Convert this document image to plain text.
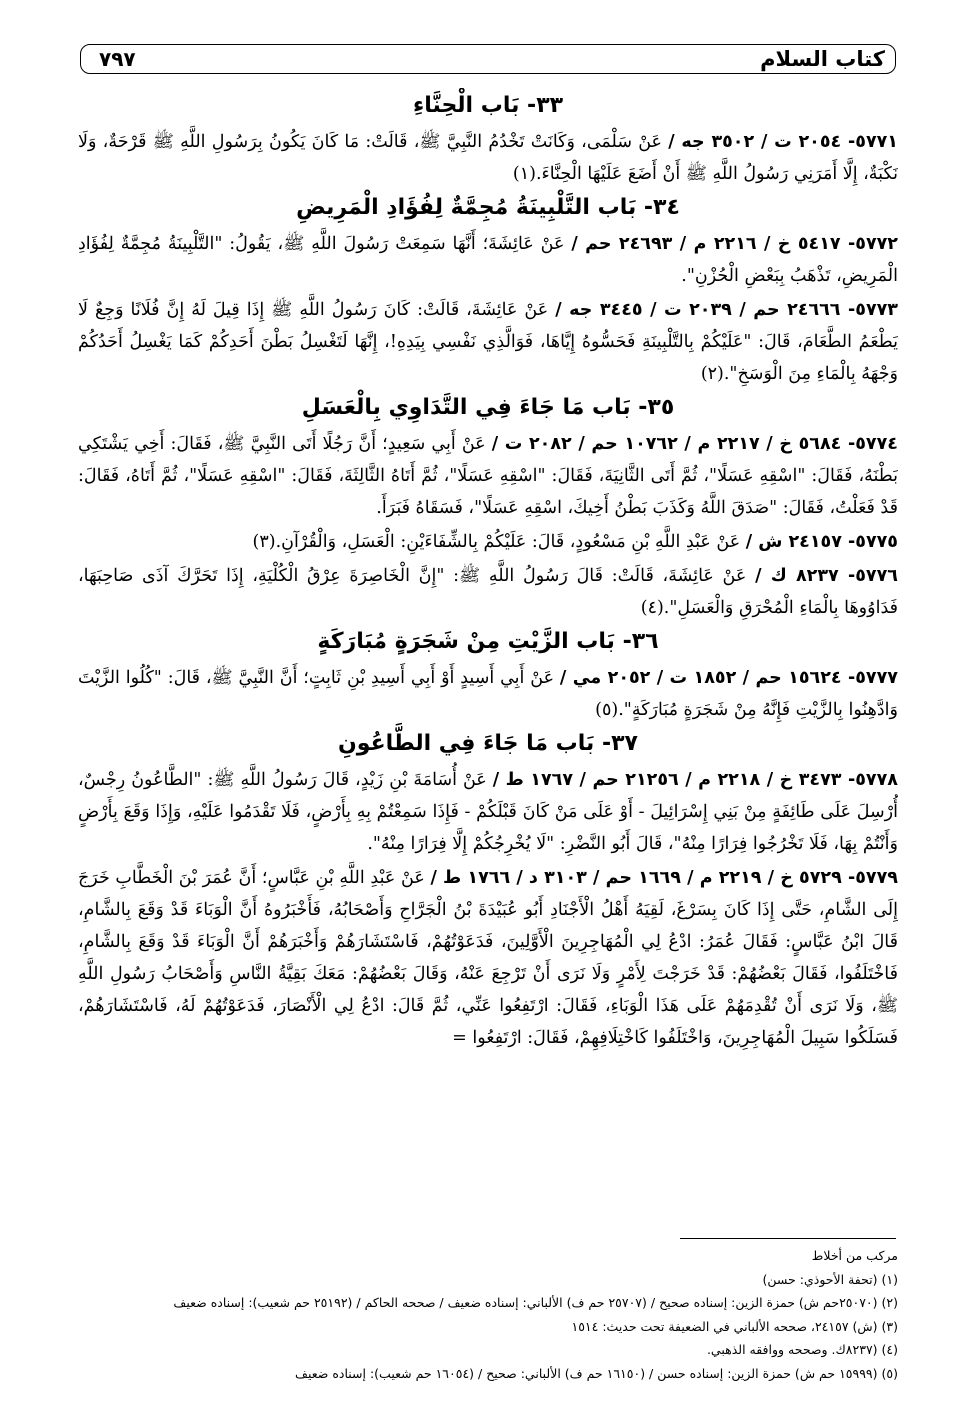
كتاب السلام
٧٩٧
٣٣- بَاب الْحِنَّاءِ

٥٧٧١- ٢٠٥٤ ت / ٣٥٠٢ جه / عَنْ سَلْمَى، وَكَانَتْ تَخْدُمُ النَّبِيَّ ﷺ، قَالَتْ: مَا كَانَ يَكُونُ بِرَسُولِ اللَّهِ ﷺ قَرْحَةٌ، وَلَا نَكْبَةٌ، إِلَّا أَمَرَنِي رَسُولُ اللَّهِ ﷺ أَنْ أَضَعَ عَلَيْهَا الْحِنَّاءَ.(١)

٣٤- بَاب التَّلْبِينَةُ مُجِمَّةٌ لِفُؤَادِ الْمَرِيضِ

٥٧٧٢- ٥٤١٧ خ / ٢٢١٦ م / ٢٤٦٩٣ حم / عَنْ عَائِشَةَ؛ أَنَّهَا سَمِعَتْ رَسُولَ اللَّهِ ﷺ، يَقُولُ: "التَّلْبِينَةُ مُجِمَّةٌ لِفُؤَادِ الْمَرِيضِ، تَذْهَبُ بِبَعْضِ الْحُزْنِ".

٥٧٧٣- ٢٤٦٦٦ حم / ٢٠٣٩ ت / ٣٤٤٥ جه / عَنْ عَائِشَةَ، قَالَتْ: كَانَ رَسُولُ اللَّهِ ﷺ إِذَا قِيلَ لَهُ إِنَّ فُلَانًا وَجِعٌ لَا يَطْعَمُ الطَّعَامَ، قَالَ: "عَلَيْكُمْ بِالتَّلْبِينَةِ فَحَسُّوهُ إِيَّاهَا، فَوَالَّذِي نَفْسِي بِيَدِهِ!، إِنَّهَا لَتَغْسِلُ بَطْنَ أَحَدِكُمْ كَمَا يَغْسِلُ أَحَدُكُمْ وَجْهَهُ بِالْمَاءِ مِنَ الْوَسَخِ".(٢)

٣٥- بَاب مَا جَاءَ فِي التَّدَاوِي بِالْعَسَلِ

٥٧٧٤- ٥٦٨٤ خ / ٢٢١٧ م / ١٠٧٦٢ حم / ٢٠٨٢ ت / عَنْ أَبِي سَعِيدٍ؛ أَنَّ رَجُلًا أَتَى النَّبِيَّ ﷺ، فَقَالَ: أَخِي يَشْتَكِي بَطْنَهُ، فَقَالَ: "اسْقِهِ عَسَلًا"، ثُمَّ أَتَى الثَّانِيَةَ، فَقَالَ: "اسْقِهِ عَسَلًا"، ثُمَّ أَتَاهُ الثَّالِثَةَ، فَقَالَ: "اسْقِهِ عَسَلًا"، ثُمَّ أَتَاهُ، فَقَالَ: قَدْ فَعَلْتُ، فَقَالَ: "صَدَقَ اللَّهُ وَكَذَبَ بَطْنُ أَخِيكَ، اسْقِهِ عَسَلًا"، فَسَقَاهُ فَبَرَأَ.

٥٧٧٥- ٢٤١٥٧ ش / عَنْ عَبْدِ اللَّهِ بْنِ مَسْعُودٍ، قَالَ: عَلَيْكُمْ بِالشِّفَاءَيْنِ: الْعَسَلِ، وَالْقُرْآنِ.(٣)

٥٧٧٦- ٨٢٣٧ ك / عَنْ عَائِشَةَ، قَالَتْ: قَالَ رَسُولُ اللَّهِ ﷺ: "إِنَّ الْخَاصِرَةَ عِرْقُ الْكُلْيَةِ، إِذَا تَحَرَّكَ آذَى صَاحِبَهَا، فَدَاوُوهَا بِالْمَاءِ الْمُحْرَقِ وَالْعَسَلِ".(٤)

٣٦- بَاب الزَّيْتِ مِنْ شَجَرَةٍ مُبَارَكَةٍ

٥٧٧٧- ١٥٦٢٤ حم / ١٨٥٢ ت / ٢٠٥٢ مي / عَنْ أَبِي أَسِيدٍ أَوْ أَبِي أَسِيدِ بْنِ ثَابِتٍ؛ أَنَّ النَّبِيَّ ﷺ، قَالَ: "كُلُوا الزَّيْتَ وَادَّهِنُوا بِالزَّيْتِ فَإِنَّهُ مِنْ شَجَرَةٍ مُبَارَكَةٍ".(٥)

٣٧- بَاب مَا جَاءَ فِي الطَّاعُونِ

٥٧٧٨- ٣٤٧٣ خ / ٢٢١٨ م / ٢١٢٥٦ حم / ١٧٦٧ ط / عَنْ أُسَامَةَ بْنِ زَيْدٍ، قَالَ رَسُولُ اللَّهِ ﷺ: "الطَّاعُونُ رِجْسٌ، أُرْسِلَ عَلَى طَائِفَةٍ مِنْ بَنِي إِسْرَائِيلَ - أَوْ عَلَى مَنْ كَانَ قَبْلَكُمْ - فَإِذَا سَمِعْتُمْ بِهِ بِأَرْضٍ، فَلَا تَقْدَمُوا عَلَيْهِ، وَإِذَا وَقَعَ بِأَرْضٍ وَأَنْتُمْ بِهَا، فَلَا تَخْرُجُوا فِرَارًا مِنْهُ"، قَالَ أَبُو النَّضْرِ: "لَا يُخْرِجُكُمْ إِلَّا فِرَارًا مِنْهُ".

٥٧٧٩- ٥٧٢٩ خ / ٢٢١٩ م / ١٦٦٩ حم / ٣١٠٣ د / ١٧٦٦ ط / عَنْ عَبْدِ اللَّهِ بْنِ عَبَّاسٍ؛ أَنَّ عُمَرَ بْنَ الْخَطَّابِ خَرَجَ إِلَى الشَّامِ، حَتَّى إِذَا كَانَ بِسَرْغَ، لَقِيَهُ أَهْلُ الْأَجْنَادِ أَبُو عُبَيْدَةَ بْنُ الْجَرَّاحِ وَأَصْحَابُهُ، فَأَخْبَرُوهُ أَنَّ الْوَبَاءَ قَدْ وَقَعَ بِالشَّامِ، قَالَ ابْنُ عَبَّاسٍ: فَقَالَ عُمَرُ: ادْعُ لِي الْمُهَاجِرِينَ الْأَوَّلِينَ، فَدَعَوْتُهُمْ، فَاسْتَشَارَهُمْ وَأَخْبَرَهُمْ أَنَّ الْوَبَاءَ قَدْ وَقَعَ بِالشَّامِ، فَاخْتَلَفُوا، فَقَالَ بَعْضُهُمْ: قَدْ خَرَجْتَ لِأَمْرٍ وَلَا نَرَى أَنْ تَرْجِعَ عَنْهُ، وَقَالَ بَعْضُهُمْ: مَعَكَ بَقِيَّةُ النَّاسِ وَأَصْحَابُ رَسُولِ اللَّهِ ﷺ، وَلَا نَرَى أَنْ تُقْدِمَهُمْ عَلَى هَذَا الْوَبَاءِ، فَقَالَ: ارْتَفِعُوا عَنِّي، ثُمَّ قَالَ: ادْعُ لِي الْأَنْصَارَ، فَدَعَوْتُهُمْ لَهُ، فَاسْتَشَارَهُمْ، فَسَلَكُوا سَبِيلَ الْمُهَاجِرِينَ، وَاخْتَلَفُوا كَاخْتِلَافِهِمْ، فَقَالَ: ارْتَفِعُوا =

مركب من أخلاط
(١) (تحفة الأحوذي: حسن)
(٢) (٢٥٠٧٠حم ش) حمزة الزين: إسناده صحيح / (٢٥٧٠٧ حم ف) الألباني: إسناده ضعيف / صححه الحاكم / (٢٥١٩٢ حم شعيب): إسناده ضعيف
(٣) (ش) ٢٤١٥٧، صححه الألباني في الضعيفة تحت حديث: ١٥١٤
(٤) (٨٢٣٧ك. وصححه ووافقه الذهبي.
(٥) (١٥٩٩٩ حم ش) حمزة الزين: إسناده حسن / (١٦١٥٠ حم ف) الألباني: صحيح / (١٦٠٥٤ حم شعيب): إسناده ضعيف
